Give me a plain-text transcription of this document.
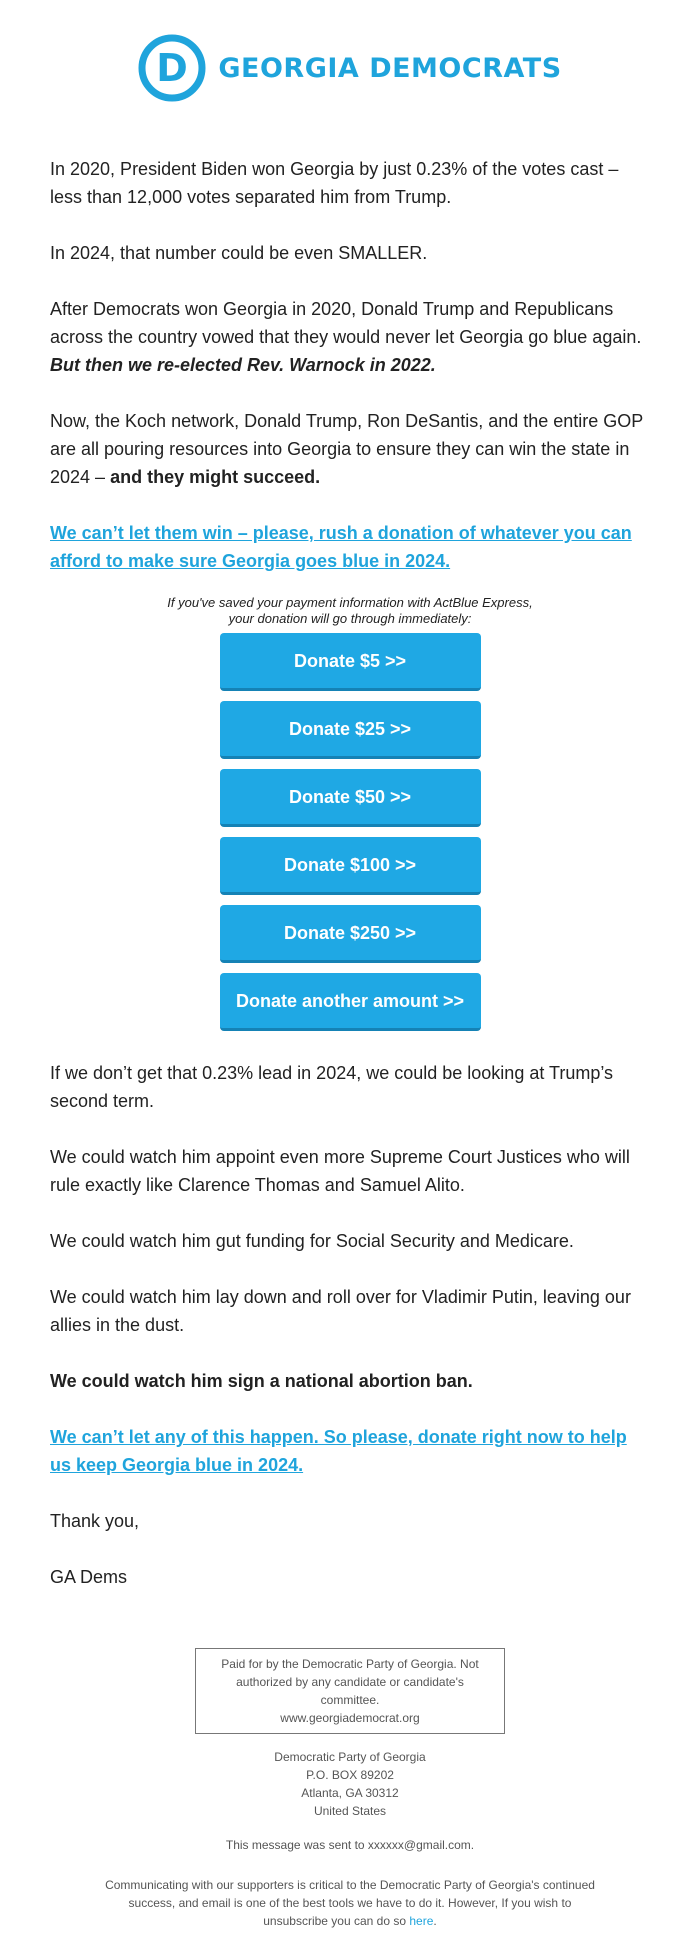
D GEORGIA DEMOCRATS

In 2020, President Biden won Georgia by just 0.23% of the votes cast – less than 12,000 votes separated him from Trump.

In 2024, that number could be even SMALLER.

After Democrats won Georgia in 2020, Donald Trump and Republicans across the country vowed that they would never let Georgia go blue again.
But then we re-elected Rev. Warnock in 2022.

Now, the Koch network, Donald Trump, Ron DeSantis, and the entire GOP are all pouring resources into Georgia to ensure they can win the state in 2024 – and they might succeed.

We can’t let them win – please, rush a donation of whatever you can afford to make sure Georgia goes blue in 2024.
If you've saved your payment information with ActBlue Express,
your donation will go through immediately:
Donate $5 >>
Donate $25 >>
Donate $50 >>
Donate $100 >>
Donate $250 >>
Donate another amount >>

If we don’t get that 0.23% lead in 2024, we could be looking at Trump’s second term.

We could watch him appoint even more Supreme Court Justices who will rule exactly like Clarence Thomas and Samuel Alito.

We could watch him gut funding for Social Security and Medicare.

We could watch him lay down and roll over for Vladimir Putin, leaving our allies in the dust.

We could watch him sign a national abortion ban.

We can’t let any of this happen. So please, donate right now to help us keep Georgia blue in 2024.

Thank you,

GA Dems

Paid for by the Democratic Party of Georgia. Not authorized by any candidate or candidate's committee.
www.georgiademocrat.org
Democratic Party of Georgia
P.O. BOX 89202
Atlanta, GA 30312
United States
This message was sent to xxxxxx@gmail.com.
Communicating with our supporters is critical to the Democratic Party of Georgia's continued success, and email is one of the best tools we have to do it. However, If you wish to unsubscribe you can do so here.
